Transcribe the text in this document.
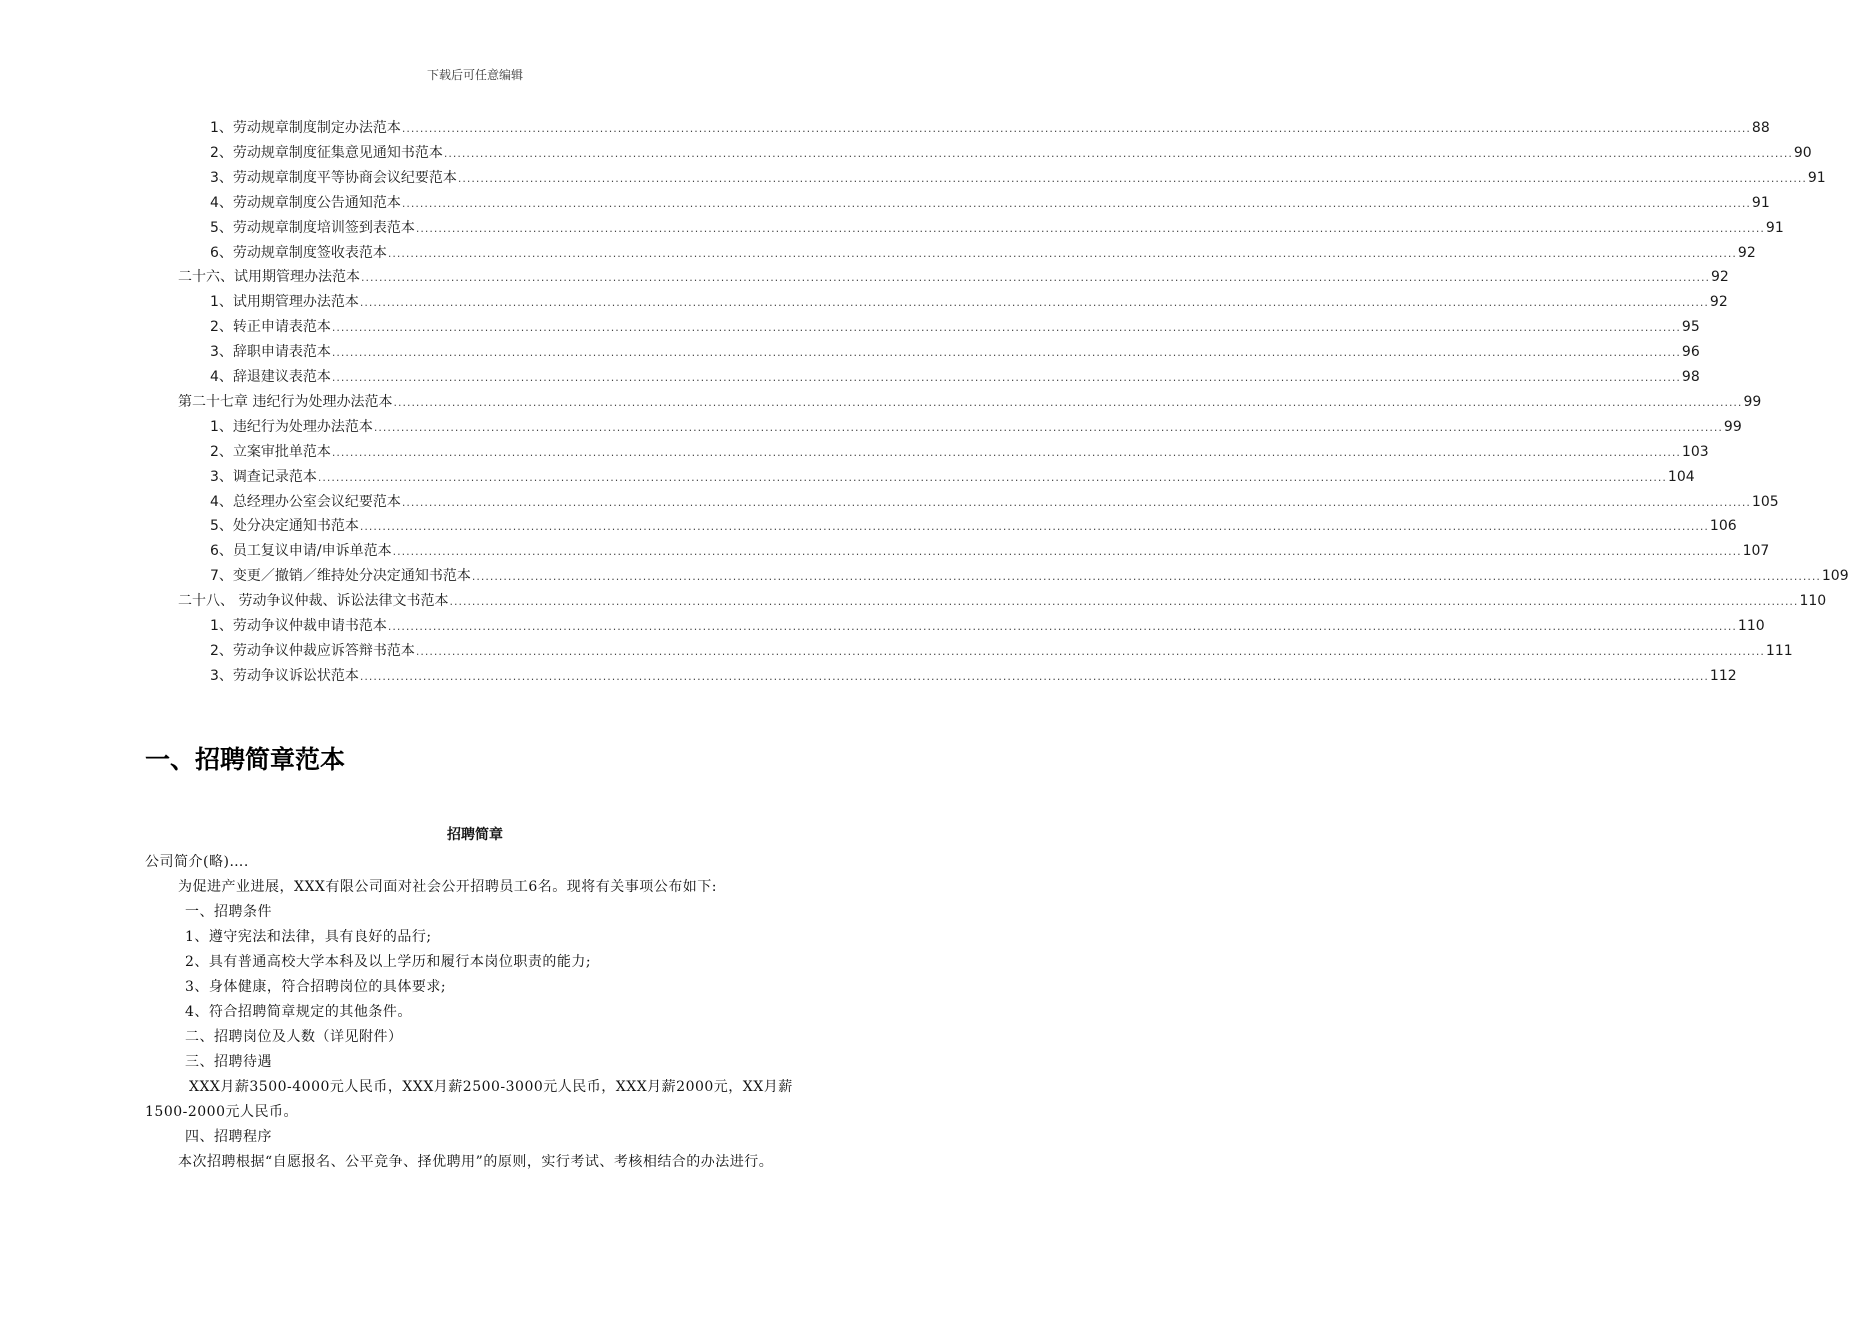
下载后可任意编辑
1、劳动规章制度制定办法范本 ............................................................................................................................................................................................................................................................................................................ 88
2、劳动规章制度征集意见通知书范本 ............................................................................................................................................................................................................................................................................................................ 90
3、劳动规章制度平等协商会议纪要范本 ............................................................................................................................................................................................................................................................................................................ 91
4、劳动规章制度公告通知范本 ............................................................................................................................................................................................................................................................................................................ 91
5、劳动规章制度培训签到表范本 ............................................................................................................................................................................................................................................................................................................ 91
6、劳动规章制度签收表范本 ............................................................................................................................................................................................................................................................................................................ 92
二十六、试用期管理办法范本 ............................................................................................................................................................................................................................................................................................................ 92
1、试用期管理办法范本 ............................................................................................................................................................................................................................................................................................................ 92
2、转正申请表范本 ............................................................................................................................................................................................................................................................................................................ 95
3、辞职申请表范本 ............................................................................................................................................................................................................................................................................................................ 96
4、辞退建议表范本 ............................................................................................................................................................................................................................................................................................................ 98
第二十七章 违纪行为处理办法范本 ............................................................................................................................................................................................................................................................................................................ 99
1、违纪行为处理办法范本 ............................................................................................................................................................................................................................................................................................................ 99
2、立案审批单范本 ............................................................................................................................................................................................................................................................................................................ 103
3、调查记录范本 ............................................................................................................................................................................................................................................................................................................ 104
4、总经理办公室会议纪要范本 ............................................................................................................................................................................................................................................................................................................ 105
5、处分决定通知书范本 ............................................................................................................................................................................................................................................................................................................ 106
6、员工复议申请/申诉单范本 ............................................................................................................................................................................................................................................................................................................ 107
7、变更／撤销／维持处分决定通知书范本 ............................................................................................................................................................................................................................................................................................................ 109
二十八、 劳动争议仲裁、诉讼法律文书范本 ............................................................................................................................................................................................................................................................................................................ 110
1、劳动争议仲裁申请书范本 ............................................................................................................................................................................................................................................................................................................ 110
2、劳动争议仲裁应诉答辩书范本 ............................................................................................................................................................................................................................................................................................................ 111
3、劳动争议诉讼状范本 ............................................................................................................................................................................................................................................................................................................ 112
一、招聘简章范本
招聘简章
公司简介(略)….
为促进产业进展，XXX有限公司面对社会公开招聘员工6名。现将有关事项公布如下:
一、招聘条件
1、遵守宪法和法律，具有良好的品行;
2、具有普通高校大学本科及以上学历和履行本岗位职责的能力;
3、身体健康，符合招聘岗位的具体要求;
4、符合招聘简章规定的其他条件。
二、招聘岗位及人数（详见附件）
三、招聘待遇
XXX月薪3500-4000元人民币，XXX月薪2500-3000元人民币，XXX月薪2000元，XX月薪1500-2000元人民币。
四、招聘程序
本次招聘根据“自愿报名、公平竞争、择优聘用”的原则，实行考试、考核相结合的办法进行。
